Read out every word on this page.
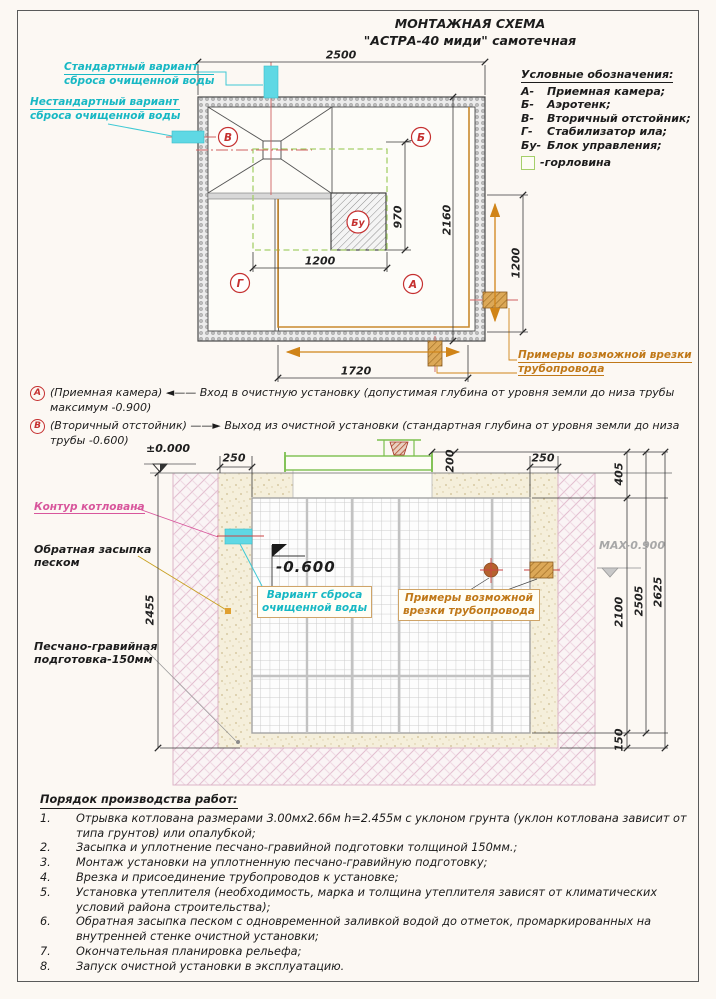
В	Б
Г	А
Бу
МОНТАЖНАЯ СХЕМА
"АСТРА-40 миди" самотечная
Условные обозначения:
А-	Приемная камера;
Б-	Аэротенк;
В-	Вторичный отстойник;
Г-	Стабилизатор ила;
Бу- Блок управления;
-горловина
Стандартный вариант
сброса очищенной воды
Нестандартный вариант
сброса очищенной воды
Примеры возможной врезки
трубопровода
2500
970	2160
1200	1200
1720
А (Приемная камера) ◄—— Вход в очистную установку (допустимая глубина от уровня земли до низа трубы максимум -0.900)
В (Вторичный отстойник) ——► Выход из очистной установки (стандартная глубина от уровня земли до низа трубы -0.600)
±0.000
-0.600
MAX-0.900
Контур котлована
Обратная засыпка
песком
Песчано-гравийная
подготовка-150мм
Вариант сброса
очищенной воды
Примеры возможной
врезки трубопровода
250	200	250
405
2455	2100 2505 2625
150
Порядок производства работ:
1.	Отрывка котлована размерами 3.00мх2.66м h=2.455м с уклоном грунта (уклон котлована зависит от типа грунтов) или опалубкой;
2.	Засыпка и уплотнение песчано-гравийной подготовки толщиной 150мм.;
3.	Монтаж установки на уплотненную песчано-гравийную подготовку;
4.	Врезка и присоединение трубопроводов к установке;
5.	Установка утеплителя (необходимость, марка и толщина утеплителя зависят от климатических условий района строительства);
6.	Обратная засыпка песком с одновременной заливкой водой до отметок, промаркированных на внутренней стенке очистной установки;
7.	Окончательная планировка рельефа;
8.	Запуск очистной установки в эксплуатацию.
